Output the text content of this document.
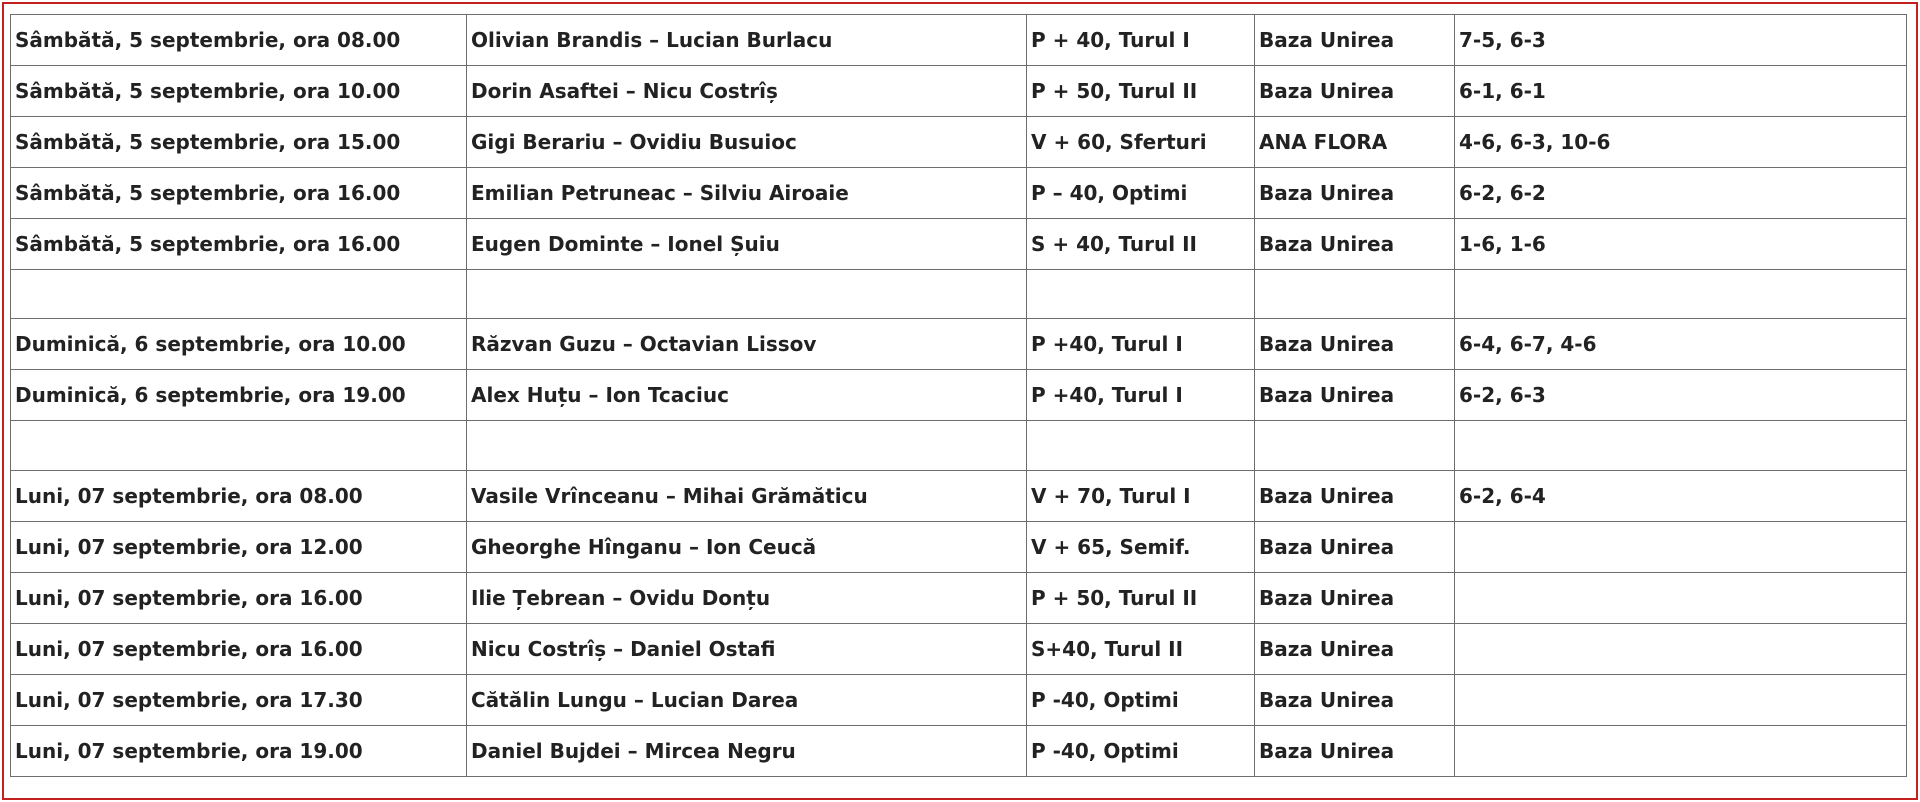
Sâmbătă, 5 septembrie, ora 08.00	Olivian Brandis – Lucian Burlacu	P + 40, Turul I	Baza Unirea	7-5, 6-3
Sâmbătă, 5 septembrie, ora 10.00	Dorin Asaftei – Nicu Costrîș	P + 50, Turul II	Baza Unirea	6-1, 6-1
Sâmbătă, 5 septembrie, ora 15.00	Gigi Berariu – Ovidiu Busuioc	V + 60, Sferturi	ANA FLORA	4-6, 6-3, 10-6
Sâmbătă, 5 septembrie, ora 16.00	Emilian Petruneac – Silviu Airoaie	P – 40, Optimi	Baza Unirea	6-2, 6-2
Sâmbătă, 5 septembrie, ora 16.00	Eugen Dominte – Ionel Șuiu	S + 40, Turul II	Baza Unirea	1-6, 1-6

Duminică, 6 septembrie, ora 10.00	Răzvan Guzu – Octavian Lissov	P +40, Turul I	Baza Unirea	6-4, 6-7, 4-6
Duminică, 6 septembrie, ora 19.00	Alex Huțu – Ion Tcaciuc	P +40, Turul I	Baza Unirea	6-2, 6-3

Luni, 07 septembrie, ora 08.00	Vasile Vrînceanu – Mihai Grămăticu	V + 70, Turul I	Baza Unirea	6-2, 6-4
Luni, 07 septembrie, ora 12.00	Gheorghe Hînganu – Ion Ceucă	V + 65, Semif.	Baza Unirea	
Luni, 07 septembrie, ora 16.00	Ilie Țebrean – Ovidu Donțu	P + 50, Turul II	Baza Unirea	
Luni, 07 septembrie, ora 16.00	Nicu Costrîș – Daniel Ostafi	S+40, Turul II	Baza Unirea	
Luni, 07 septembrie, ora 17.30	Cătălin Lungu – Lucian Darea	P -40, Optimi	Baza Unirea	
Luni, 07 septembrie, ora 19.00	Daniel Bujdei – Mircea Negru	P -40, Optimi	Baza Unirea	
